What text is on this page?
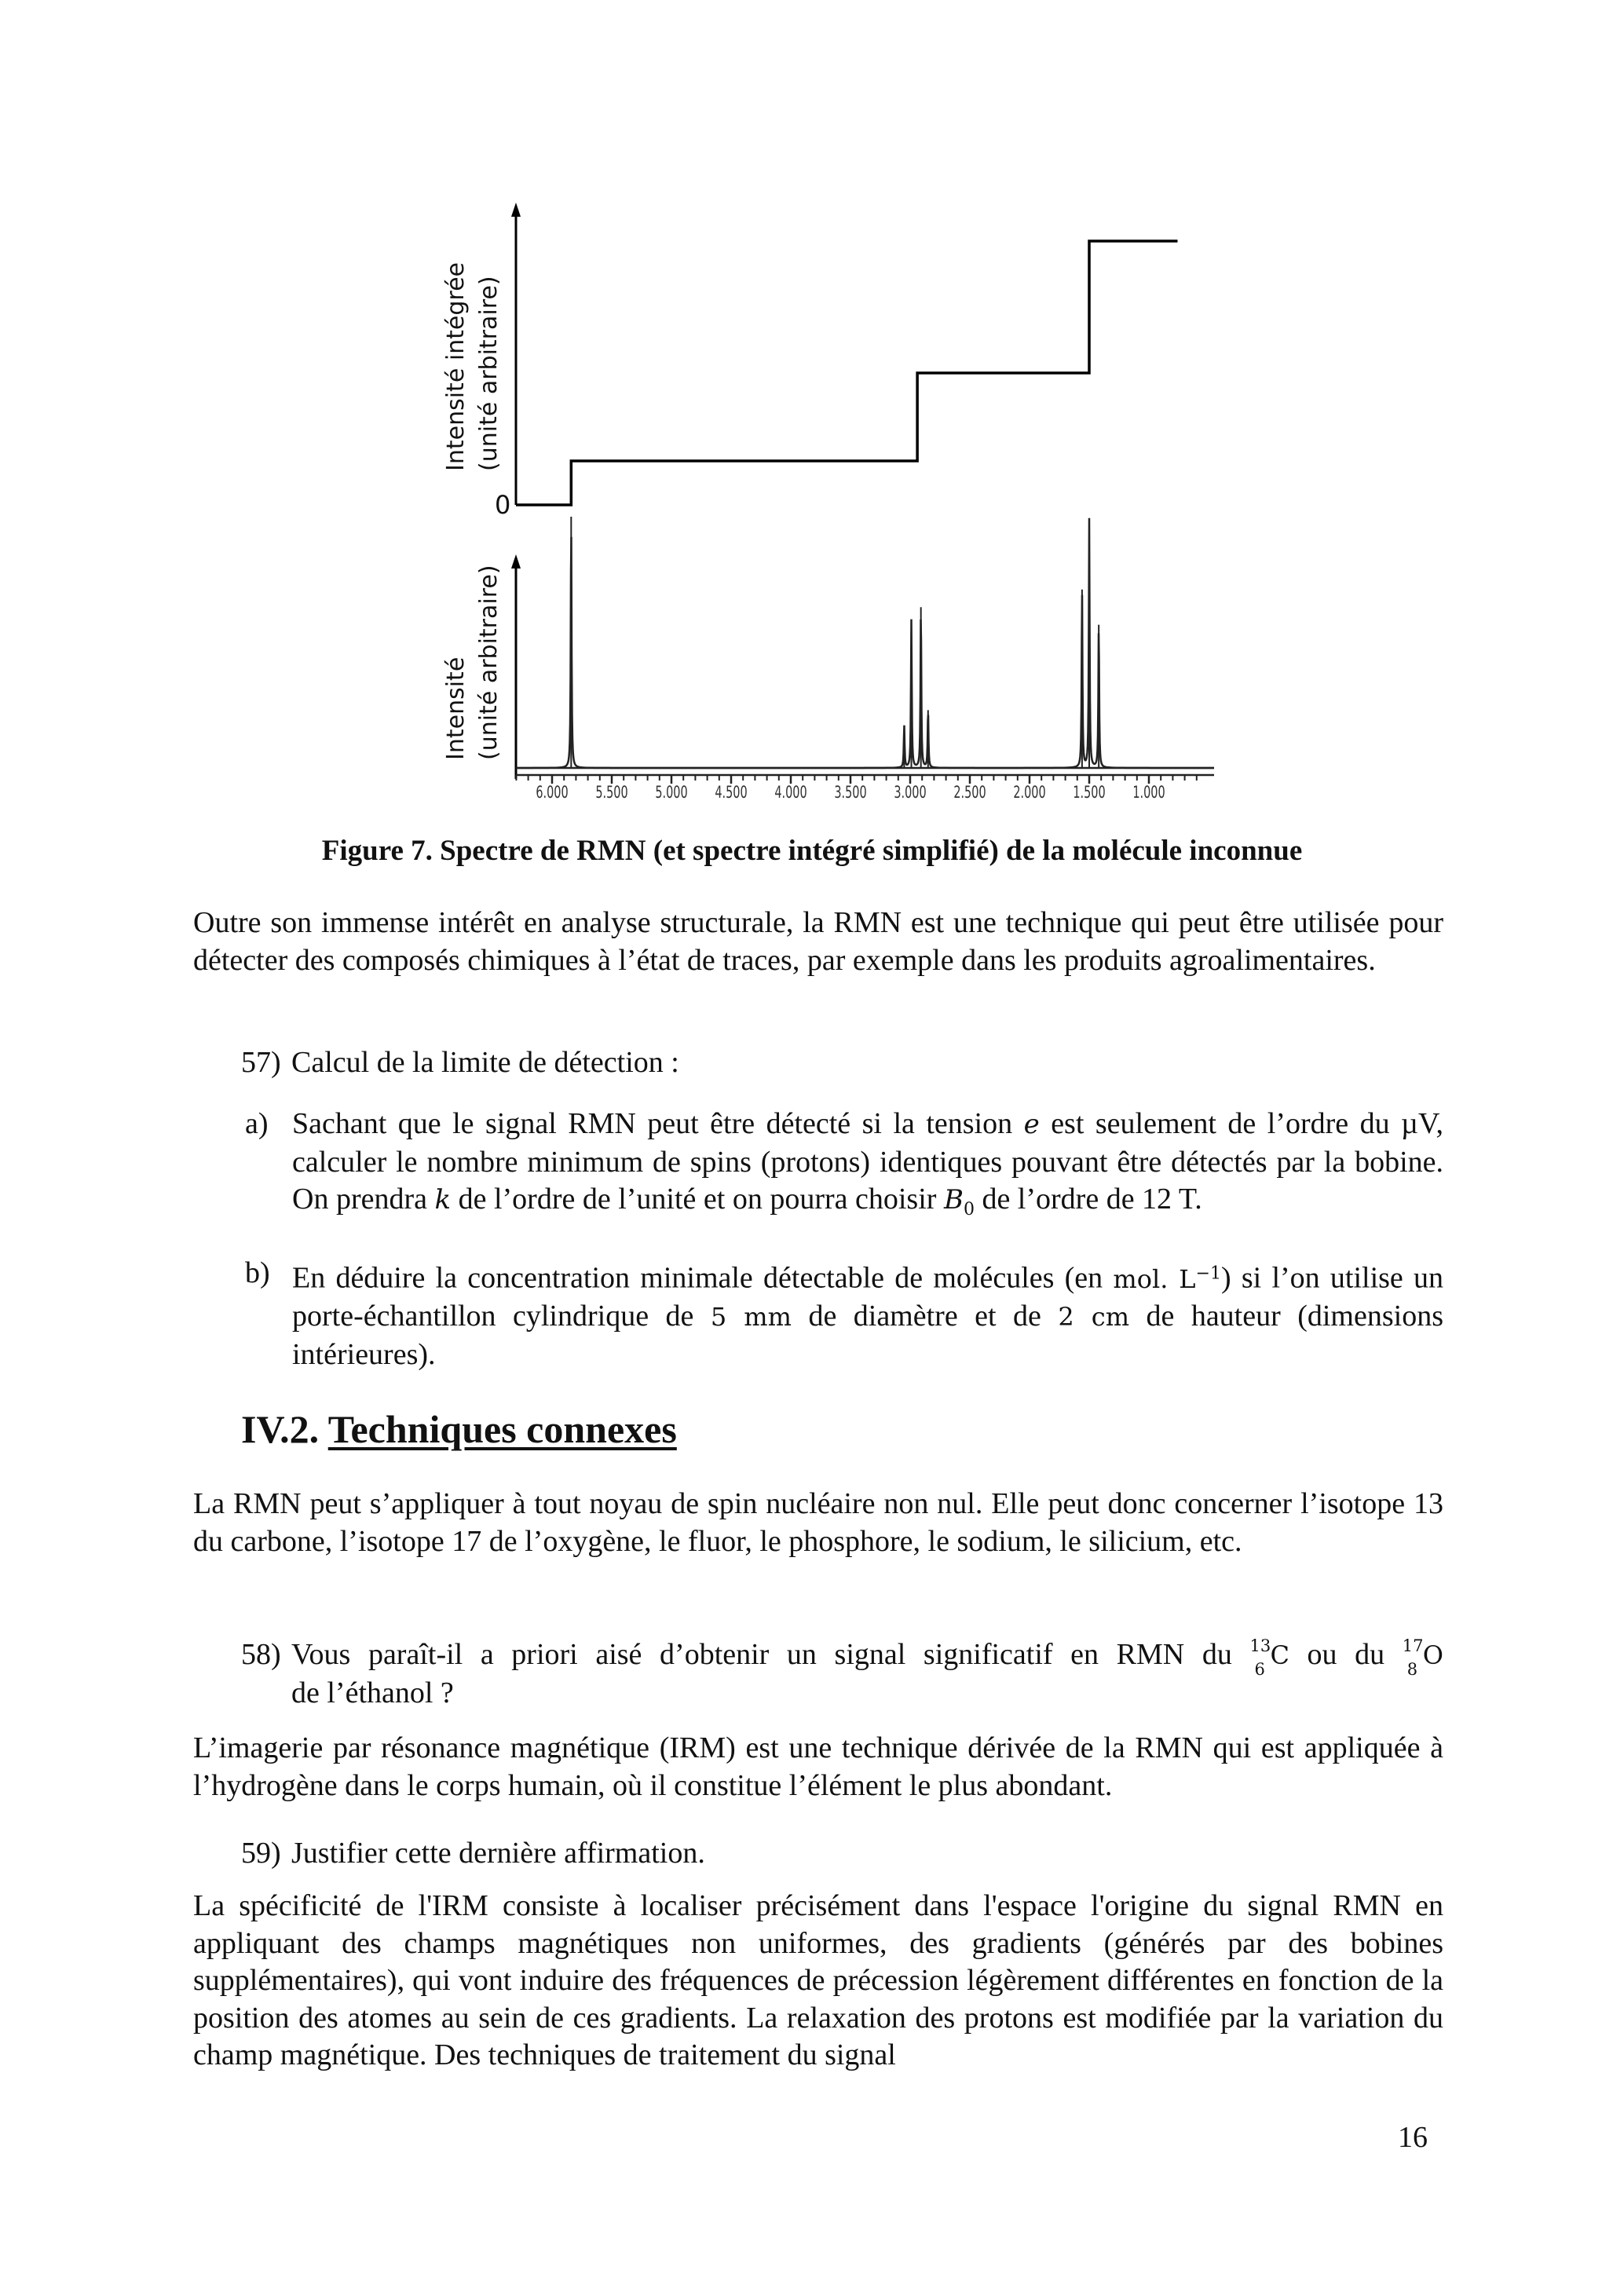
Intensité intégrée (unité arbitraire)
0
Intensité (unité arbitraire)
6.000 5.500 5.000 4.500 4.000 3.500 3.000 2.500 2.000 1.500 1.000
Figure 7. Spectre de RMN (et spectre intégré simplifié) de la molécule inconnue
Outre son immense intérêt en analyse structurale, la RMN est une technique qui peut être utilisée pour détecter des composés chimiques à l’état de traces, par exemple dans les produits agroalimentaires.
57) Calcul de la limite de détection :
a) Sachant que le signal RMN peut être détecté si la tension e est seulement de l’ordre du µV, calculer le nombre minimum de spins (protons) identiques pouvant être détectés par la bobine. On prendra k de l’ordre de l’unité et on pourra choisir $B_0$ de l’ordre de 12 T.
b) En déduire la concentration minimale détectable de molécules (en mol. $L^{-1}$) si l’on utilise un porte-échantillon cylindrique de 5 mm de diamètre et de 2 cm de hauteur (dimensions intérieures).
IV.2. Techniques connexes
La RMN peut s’appliquer à tout noyau de spin nucléaire non nul. Elle peut donc concerner l’isotope 13 du carbone, l’isotope 17 de l’oxygène, le fluor, le phosphore, le sodium, le silicium, etc.
58) Vous paraît-il a priori aisé d’obtenir un signal significatif en RMN du 13
6 C ou du 17
8 O
de l’éthanol ?
L’imagerie par résonance magnétique (IRM) est une technique dérivée de la RMN qui est appliquée à l’hydrogène dans le corps humain, où il constitue l’élément le plus abondant.
59) Justifier cette dernière affirmation.
La spécificité de l'IRM consiste à localiser précisément dans l'espace l'origine du signal RMN en appliquant des champs magnétiques non uniformes, des gradients (générés par des bobines supplémentaires), qui vont induire des fréquences de précession légèrement différentes en fonction de la position des atomes au sein de ces gradients. La relaxation des protons est modifiée par la variation du champ magnétique. Des techniques de traitement du signal
16
